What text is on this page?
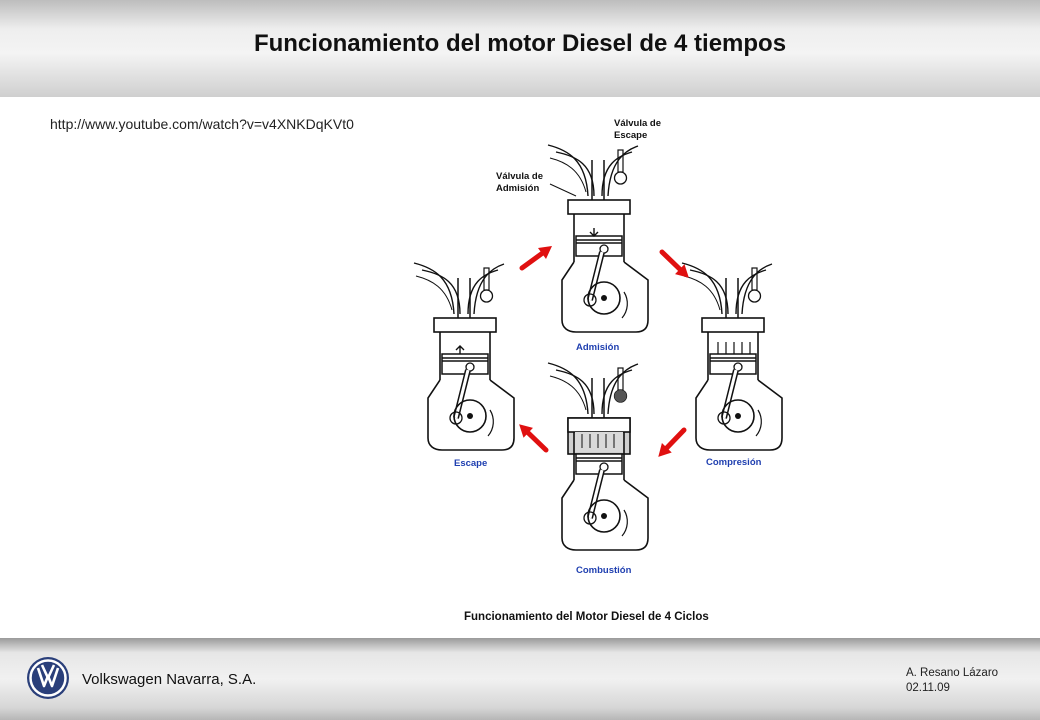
Funcionamiento del motor Diesel de 4 tiempos
http://www.youtube.com/watch?v=v4XNKDqKVt0	Válvula de
Escape
Válvula de
Admisión
Admisión
Compresión
Combustión
Escape
Funcionamiento del Motor Diesel de 4 Ciclos
Volkswagen Navarra, S.A.	A. Resano Lázaro
02.11.09
